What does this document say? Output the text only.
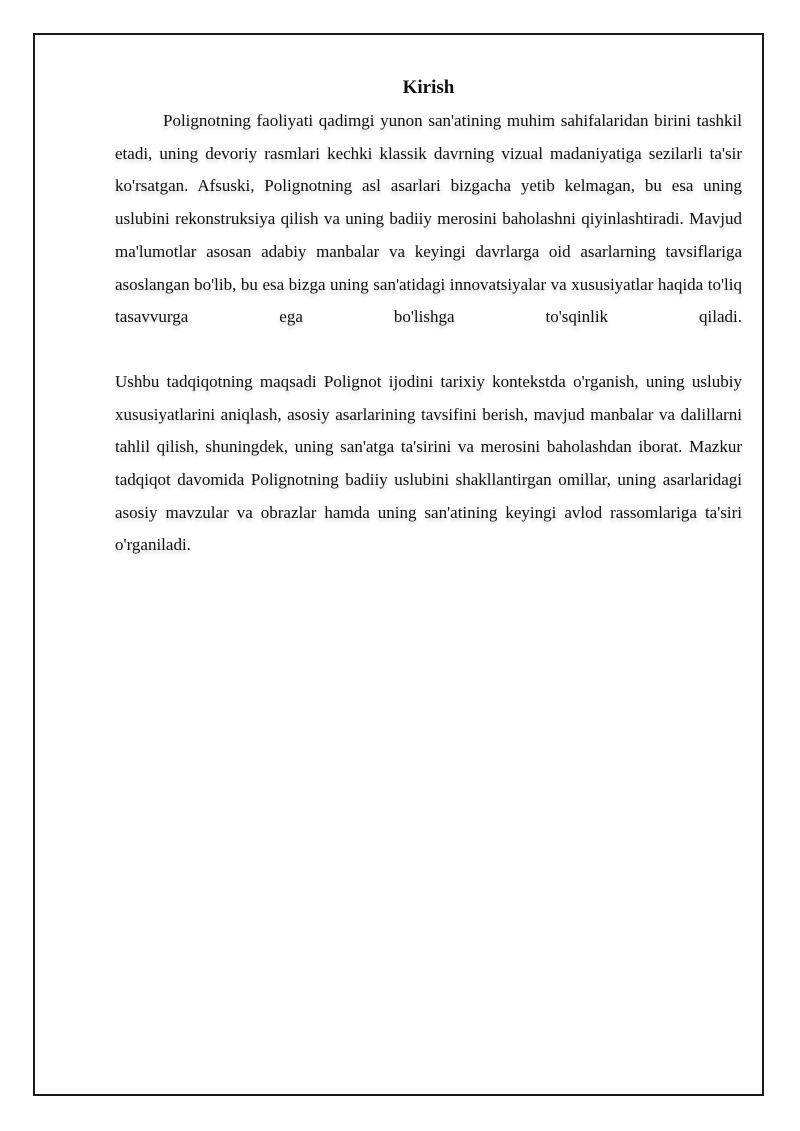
Kirish

Polignotning faoliyati qadimgi yunon san'atining muhim sahifalaridan birini tashkil etadi, uning devoriy rasmlari kechki klassik davrning vizual madaniyatiga sezilarli ta'sir ko'rsatgan. Afsuski, Polignotning asl asarlari bizgacha yetib kelmagan, bu esa uning uslubini rekonstruksiya qilish va uning badiiy merosini baholashni qiyinlashtiradi. Mavjud ma'lumotlar asosan adabiy manbalar va keyingi davrlarga oid asarlarning tavsiflariga asoslangan bo'lib, bu esa bizga uning san'atidagi innovatsiyalar va xususiyatlar haqida to'liq tasavvurga ega bo'lishga to'sqinlik qiladi.

Ushbu tadqiqotning maqsadi Polignot ijodini tarixiy kontekstda o'rganish, uning uslubiy xususiyatlarini aniqlash, asosiy asarlarining tavsifini berish, mavjud manbalar va dalillarni tahlil qilish, shuningdek, uning san'atga ta'sirini va merosini baholashdan iborat. Mazkur tadqiqot davomida Polignotning badiiy uslubini shakllantirgan omillar, uning asarlaridagi asosiy mavzular va obrazlar hamda uning san'atining keyingi avlod rassomlariga ta'siri o'rganiladi.
